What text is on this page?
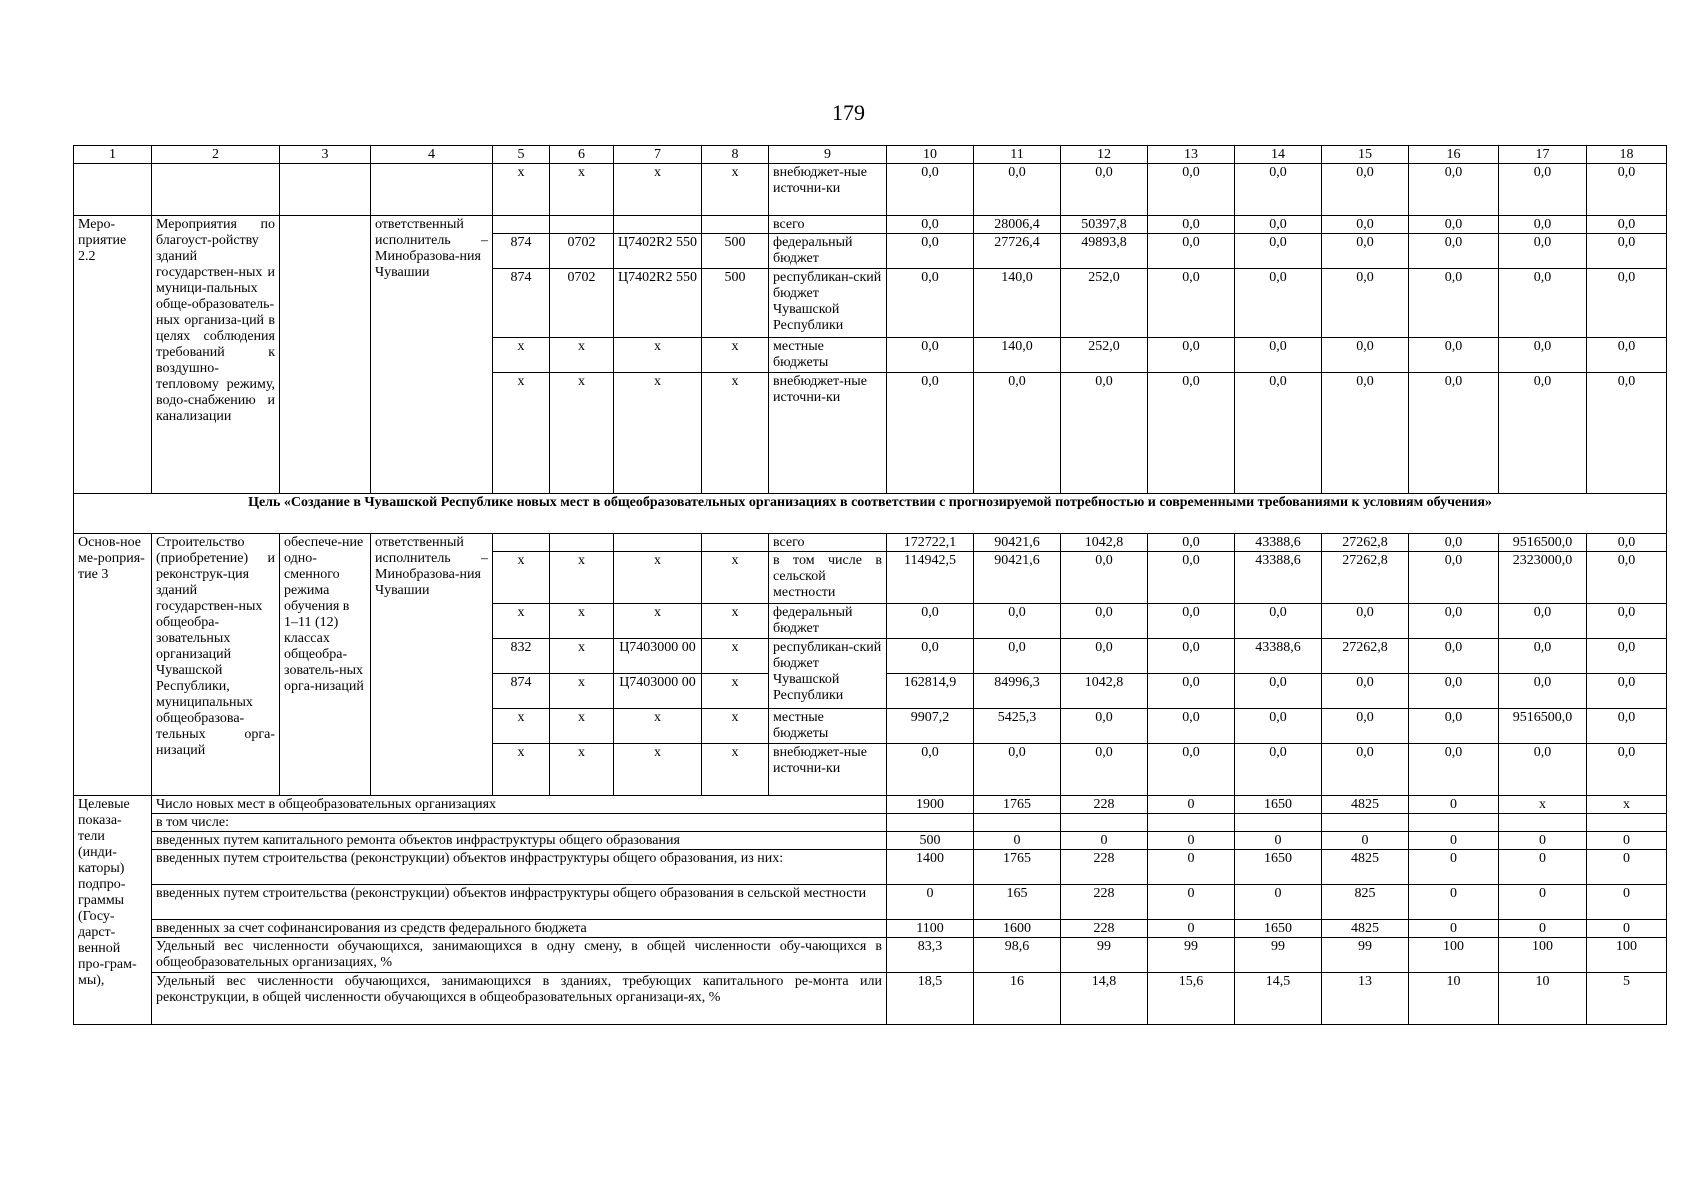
179
1	2	3	4	5	6	7	8	9	10	11	12	13	14	15	16	17	18
				x	x	x	x	внебюджет-ные источни-ки	0,0	0,0	0,0	0,0	0,0	0,0	0,0	0,0	0,0
Меро-приятие 2.2	Мероприятия по благоуст-ройству зданий государствен-ных и муници-пальных обще-образователь-ных организа-ций в целях соблюдения требований к воздушно-тепловому режиму, водо-снабжению и канализации		ответственный исполнитель – Минобразова-ния Чувашии					всего	0,0	28006,4	50397,8	0,0	0,0	0,0	0,0	0,0	0,0
				874	0702	Ц7402R2 550	500	федеральный бюджет	0,0	27726,4	49893,8	0,0	0,0	0,0	0,0	0,0	0,0
				874	0702	Ц7402R2 550	500	республикан-ский бюджет Чувашской Республики	0,0	140,0	252,0	0,0	0,0	0,0	0,0	0,0	0,0
				x	x	x	x	местные бюджеты	0,0	140,0	252,0	0,0	0,0	0,0	0,0	0,0	0,0
				x	x	x	x	внебюджет-ные источни-ки	0,0	0,0	0,0	0,0	0,0	0,0	0,0	0,0	0,0
Цель «Создание в Чувашской Республике новых мест в общеобразовательных организациях в соответствии с прогнозируемой потребностью и современными требованиями к условиям обучения»																	
Основ-ное ме-роприя-тие 3	Строительство (приобретение) и реконструк-ция зданий государствен-ных общеобра-зовательных организаций Чувашской Республики, муниципальных общеобразова-тельных орга-низаций	обеспече-ние одно-сменного режима обучения в 1–11 (12) классах общеобра-зователь-ных орга-низаций	ответственный исполнитель – Минобразова-ния Чувашии					всего	172722,1	90421,6	1042,8	0,0	43388,6	27262,8	0,0	9516500,0	0,0
				x	x	x	x	в том числе в сельской местности	114942,5	90421,6	0,0	0,0	43388,6	27262,8	0,0	2323000,0	0,0
				x	x	x	x	федеральный бюджет	0,0	0,0	0,0	0,0	0,0	0,0	0,0	0,0	0,0
				832	x	Ц7403000 00	x	республикан-ский бюджет Чувашской Республики	0,0	0,0	0,0	0,0	43388,6	27262,8	0,0	0,0	0,0
				874	x	Ц7403000 00	x		162814,9	84996,3	1042,8	0,0	0,0	0,0	0,0	0,0	0,0
				x	x	x	x	местные бюджеты	9907,2	5425,3	0,0	0,0	0,0	0,0	0,0	9516500,0	0,0
				x	x	x	x	внебюджет-ные источни-ки	0,0	0,0	0,0	0,0	0,0	0,0	0,0	0,0	0,0
Целевые показа-тели (инди-каторы) подпро-граммы (Госу-дарст-венной про-грам-мы),	Число новых мест в общеобразовательных организациях								1900	1765	228	0	1650	4825	0	x	x
	в том числе:																
	введенных путем капитального ремонта объектов инфраструктуры общего образования								500	0	0	0	0	0	0	0	0
	введенных путем строительства (реконструкции) объектов инфраструктуры общего образования, из них:								1400	1765	228	0	1650	4825	0	0	0
	введенных путем строительства (реконструкции) объектов инфраструктуры общего образования в сельской местности								0	165	228	0	0	825	0	0	0
	введенных за счет софинансирования из средств федерального бюджета								1100	1600	228	0	1650	4825	0	0	0
	Удельный вес численности обучающихся, занимающихся в одну смену, в общей численности обу-чающихся в общеобразовательных организациях, %								83,3	98,6	99	99	99	99	100	100	100
	Удельный вес численности обучающихся, занимающихся в зданиях, требующих капитального ре-монта или реконструкции, в общей численности обучающихся в общеобразовательных организаци-ях, %								18,5	16	14,8	15,6	14,5	13	10	10	5
